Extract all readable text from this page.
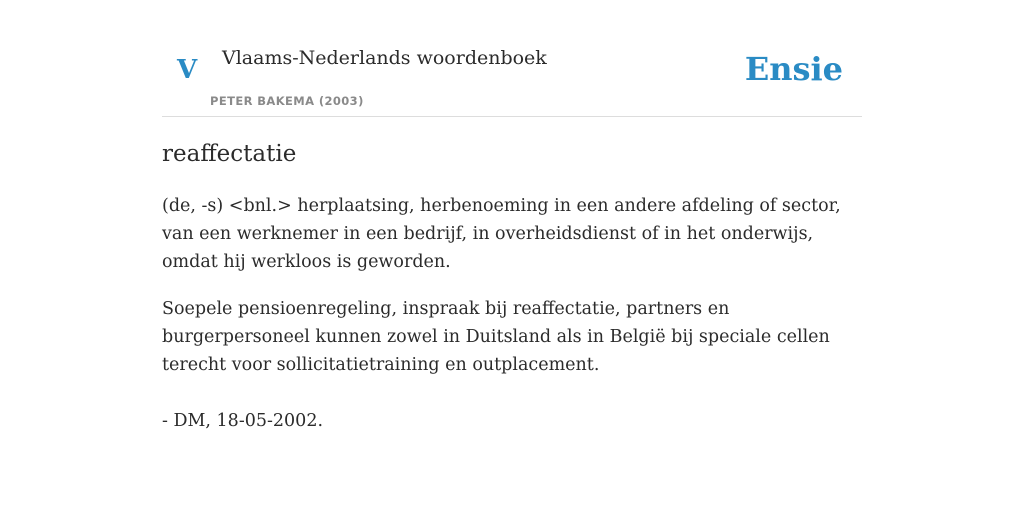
V Vlaams-Nederlands woordenboek
PETER BAKEMA (2003)
Ensie
reaffectatie

(de, -s) <bnl.> herplaatsing, herbenoeming in een andere afdeling of sector, van een werknemer in een bedrijf, in overheidsdienst of in het onderwijs, omdat hij werkloos is geworden.

Soepele pensioenregeling, inspraak bij reaffectatie, partners en burgerpersoneel kunnen zowel in Duitsland als in België bij speciale cellen terecht voor sollicitatietraining en outplacement.

- DM, 18-05-2002.
